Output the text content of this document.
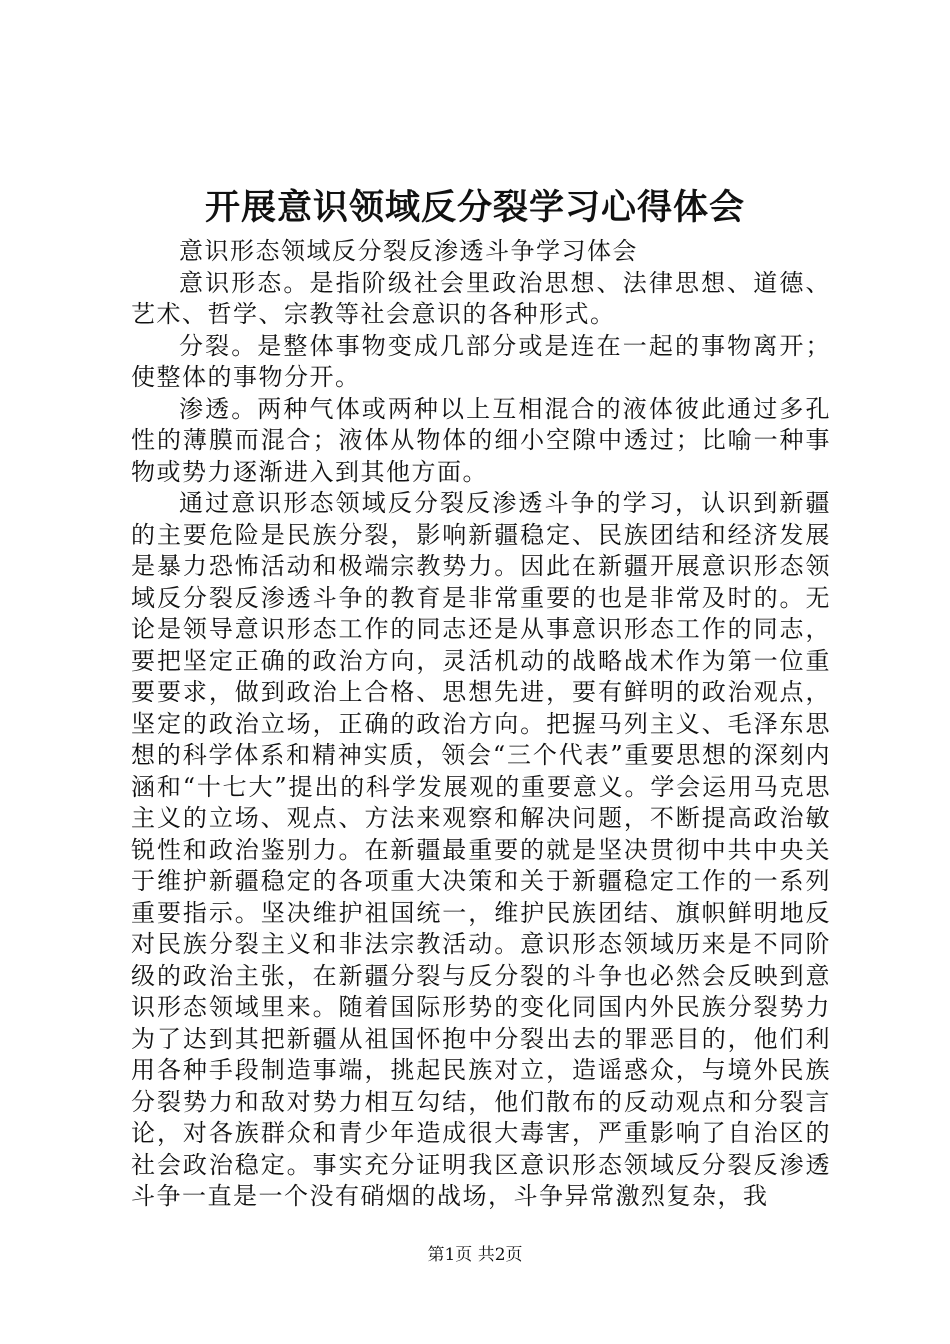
开展意识领域反分裂学习心得体会

意识形态领域反分裂反渗透斗争学习体会

意识形态。是指阶级社会里政治思想、法律思想、道德、艺术、哲学、宗教等社会意识的各种形式。

分裂。是整体事物变成几部分或是连在一起的事物离开；使整体的事物分开。

渗透。两种气体或两种以上互相混合的液体彼此通过多孔性的薄膜而混合；液体从物体的细小空隙中透过；比喻一种事物或势力逐渐进入到其他方面。

通过意识形态领域反分裂反渗透斗争的学习，认识到新疆的主要危险是民族分裂，影响新疆稳定、民族团结和经济发展是暴力恐怖活动和极端宗教势力。因此在新疆开展意识形态领域反分裂反渗透斗争的教育是非常重要的也是非常及时的。无论是领导意识形态工作的同志还是从事意识形态工作的同志，要把坚定正确的政治方向，灵活机动的战略战术作为第一位重要要求，做到政治上合格、思想先进，要有鲜明的政治观点，坚定的政治立场，正确的政治方向。把握马列主义、毛泽东思想的科学体系和精神实质，领会“三个代表”重要思想的深刻内涵和“十七大”提出的科学发展观的重要意义。学会运用马克思主义的立场、观点、方法来观察和解决问题，不断提高政治敏锐性和政治鉴别力。在新疆最重要的就是坚决贯彻中共中央关于维护新疆稳定的各项重大决策和关于新疆稳定工作的一系列重要指示。坚决维护祖国统一，维护民族团结、旗帜鲜明地反对民族分裂主义和非法宗教活动。意识形态领域历来是不同阶级的政治主张，在新疆分裂与反分裂的斗争也必然会反映到意识形态领域里来。随着国际形势的变化同国内外民族分裂势力为了达到其把新疆从祖国怀抱中分裂出去的罪恶目的，他们利用各种手段制造事端，挑起民族对立，造谣惑众，与境外民族分裂势力和敌对势力相互勾结，他们散布的反动观点和分裂言论，对各族群众和青少年造成很大毒害，严重影响了自治区的社会政治稳定。事实充分证明我区意识形态领域反分裂反渗透斗争一直是一个没有硝烟的战场，斗争异常激烈复杂，我

第1页 共2页
